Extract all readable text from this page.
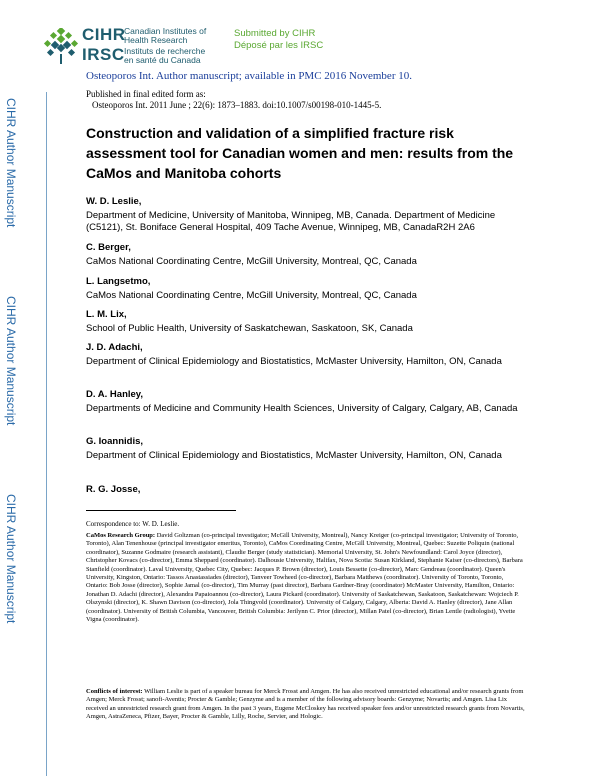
CIHR
IRSC
Canadian Institutes of
Health Research
Instituts de recherche
en santé du Canada
Submitted by CIHR
Déposé par les IRSC
Osteoporos Int. Author manuscript; available in PMC 2016 November 10.
Published in final edited form as:
Osteoporos Int. 2011 June ; 22(6): 1873–1883. doi:10.1007/s00198-010-1445-5.
CIHR Author Manuscript
CIHR Author Manuscript
CIHR Author Manuscript
Construction and validation of a simplified fracture risk assessment tool for Canadian women and men: results from the CaMos and Manitoba cohorts
W. D. Leslie,
Department of Medicine, University of Manitoba, Winnipeg, MB, Canada. Department of Medicine (C5121), St. Boniface General Hospital, 409 Tache Avenue, Winnipeg, MB, CanadaR2H 2A6
C. Berger,
CaMos National Coordinating Centre, McGill University, Montreal, QC, Canada
L. Langsetmo,
CaMos National Coordinating Centre, McGill University, Montreal, QC, Canada
L. M. Lix,
School of Public Health, University of Saskatchewan, Saskatoon, SK, Canada
J. D. Adachi,
Department of Clinical Epidemiology and Biostatistics, McMaster University, Hamilton, ON, Canada
D. A. Hanley,
Departments of Medicine and Community Health Sciences, University of Calgary, Calgary, AB, Canada
G. Ioannidis,
Department of Clinical Epidemiology and Biostatistics, McMaster University, Hamilton, ON, Canada
R. G. Josse,
Correspondence to: W. D. Leslie.
CaMos Research Group: David Goltzman (co-principal investigator; McGill University, Montreal), Nancy Kreiger (co-principal investigator; University of Toronto, Toronto), Alan Tenenhouse (principal investigator emeritus, Toronto), CaMos Coordinating Centre, McGill University, Montreal, Quebec: Suzette Poliquin (national coordinator), Suzanne Godmaire (research assistant), Claudie Berger (study statistician). Memorial University, St. John's Newfoundland: Carol Joyce (director), Christopher Kovacs (co-director), Emma Sheppard (coordinator). Dalhousie University, Halifax, Nova Scotia: Susan Kirkland, Stephanie Kaiser (co-directors), Barbara Stanfield (coordinator). Laval University, Quebec City, Quebec: Jacques P. Brown (director), Louis Bessette (co-director), Marc Gendreau (coordinator). Queen's University, Kingston, Ontario: Tassos Anastassiades (director), Tanveer Towheed (co-director), Barbara Matthews (coordinator). University of Toronto, Toronto, Ontario: Bob Josse (director), Sophie Jamal (co-director), Tim Murray (past director), Barbara Gardner-Bray (coordinator) McMaster University, Hamilton, Ontario: Jonathan D. Adachi (director), Alexandra Papaioannou (co-director), Laura Pickard (coordinator). University of Saskatchewan, Saskatoon, Saskatchewan: Wojciech P. Olszynski (director), K. Shawn Davison (co-director), Jola Thingvold (coordinator). University of Calgary, Calgary, Alberta: David A. Hanley (director), Jane Allan (coordinator). University of British Columbia, Vancouver, British Columbia: Jerilynn C. Prior (director), Millan Patel (co-director), Brian Lentle (radiologist), Yvette Vigna (coordinator).
Conflicts of interest: William Leslie is part of a speaker bureau for Merck Frosst and Amgen. He has also received unrestricted educational and/or research grants from Amgen; Merck Frosst; sanofi-Aventis; Procter & Gamble; Genzyme and is a member of the following advisory boards: Genzyme; Novartis; and Amgen. Lisa Lix received an unrestricted research grant from Amgen. In the past 3 years, Eugene McCloskey has received speaker fees and/or unrestricted research grants from Novartis, Amgen, AstraZeneca, Pfizer, Bayer, Procter & Gamble, Lilly, Roche, Servier, and Hologic.
